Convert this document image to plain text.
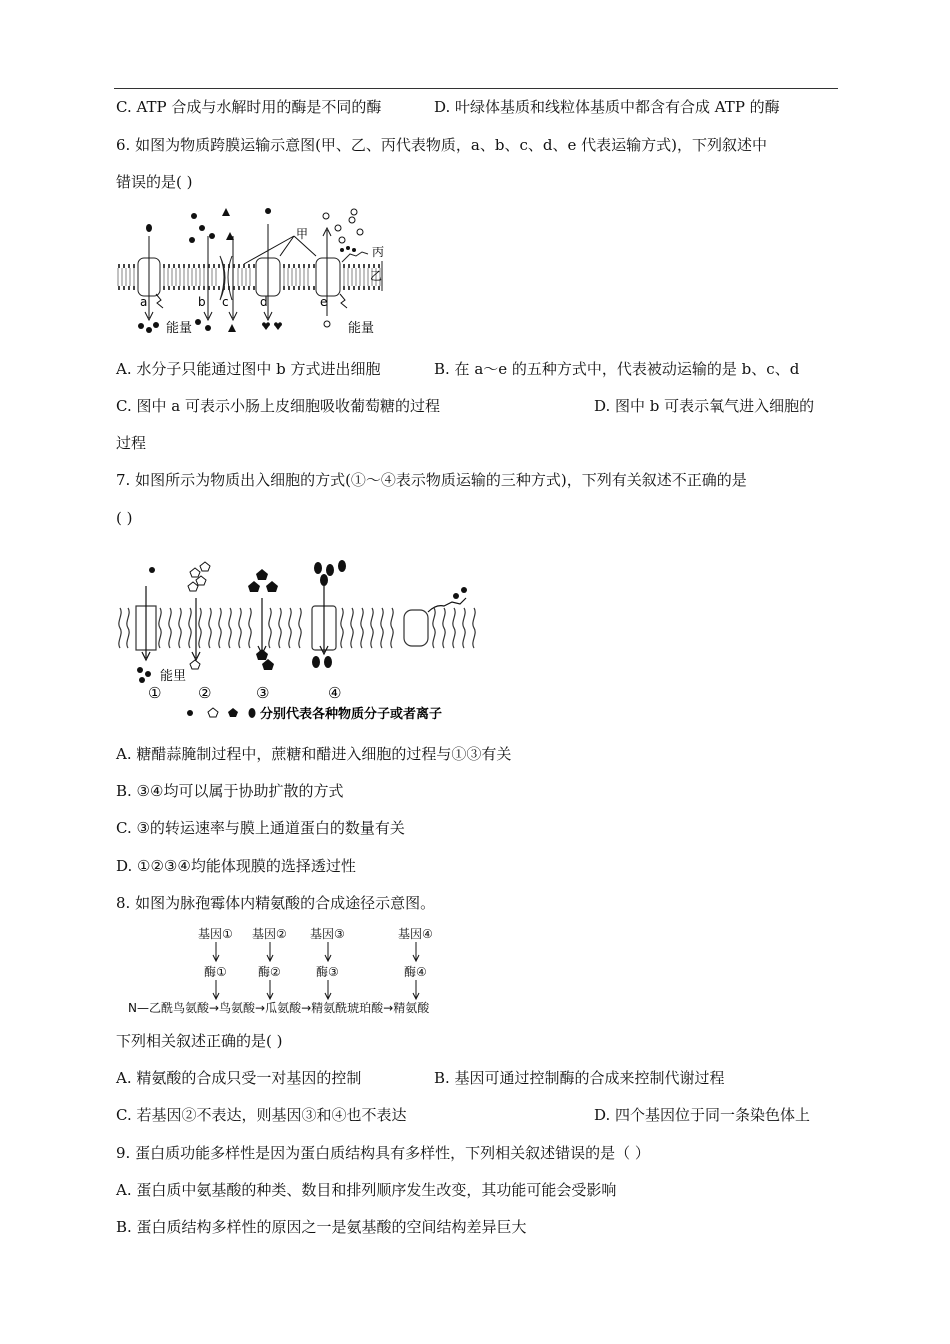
C. ATP 合成与水解时用的酶是不同的酶	D. 叶绿体基质和线粒体基质中都含有合成 ATP 的酶
6. 如图为物质跨膜运输示意图(甲、乙、丙代表物质，a、b、c、d、e 代表运输方式)，下列叙述中
错误的是( )
甲
丙
乙
a	b c	d	e
能量	能量
A. 水分子只能通过图中 b 方式进出细胞	B. 在 a～e 的五种方式中，代表被动运输的是 b、c、d
C. 图中 a 可表示小肠上皮细胞吸收葡萄糖的过程	D. 图中 b 可表示氧气进入细胞的
过程
7. 如图所示为物质出入细胞的方式(①～④表示物质运输的三种方式)，下列有关叙述不正确的是
( )
能里
① ②	③	④
分别代表各种物质分子或者离子
A. 糖醋蒜腌制过程中，蔗糖和醋进入细胞的过程与①③有关
B. ③④均可以属于协助扩散的方式
C. ③的转运速率与膜上通道蛋白的数量有关
D. ①②③④均能体现膜的选择透过性
8. 如图为脉孢霉体内精氨酸的合成途径示意图。
基因① 基因② 基因③	基因④
酶①	酶②	酶③	酶④
N—乙酰鸟氨酸→鸟氨酸→瓜氨酸→精氨酰琥珀酸→精氨酸
下列相关叙述正确的是( )
A. 精氨酸的合成只受一对基因的控制	B. 基因可通过控制酶的合成来控制代谢过程
C. 若基因②不表达，则基因③和④也不表达	D. 四个基因位于同一条染色体上
9. 蛋白质功能多样性是因为蛋白质结构具有多样性，下列相关叙述错误的是（ ）
A. 蛋白质中氨基酸的种类、数目和排列顺序发生改变，其功能可能会受影响
B. 蛋白质结构多样性的原因之一是氨基酸的空间结构差异巨大
